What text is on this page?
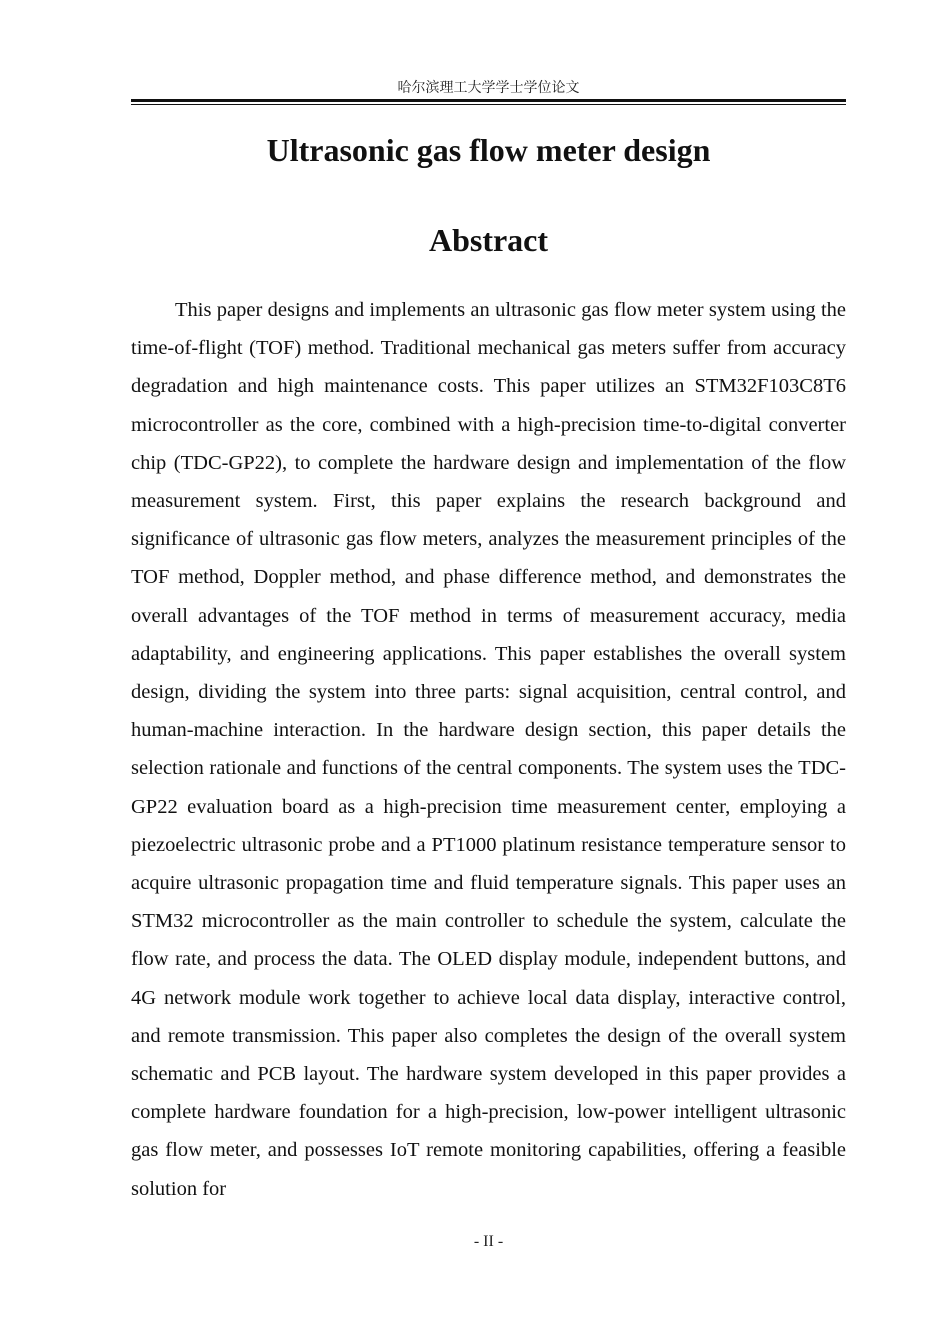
哈尔滨理工大学学士学位论文
Ultrasonic gas flow meter design
Abstract

This paper designs and implements an ultrasonic gas flow meter system using the time-of-flight (TOF) method. Traditional mechanical gas meters suffer from accuracy degradation and high maintenance costs. This paper utilizes an STM32F103C8T6 microcontroller as the core, combined with a high-precision time-to-digital converter chip (TDC-GP22), to complete the hardware design and implementation of the flow measurement system. First, this paper explains the research background and significance of ultrasonic gas flow meters, analyzes the measurement principles of the TOF method, Doppler method, and phase difference method, and demonstrates the overall advantages of the TOF method in terms of measurement accuracy, media adaptability, and engineering applications. This paper establishes the overall system design, dividing the system into three parts: signal acquisition, central control, and human-machine interaction. In the hardware design section, this paper details the selection rationale and functions of the central components. The system uses the TDC-GP22 evaluation board as a high-precision time measurement center, employing a piezoelectric ultrasonic probe and a PT1000 platinum resistance temperature sensor to acquire ultrasonic propagation time and fluid temperature signals. This paper uses an STM32 microcontroller as the main controller to schedule the system, calculate the flow rate, and process the data. The OLED display module, independent buttons, and 4G network module work together to achieve local data display, interactive control, and remote transmission. This paper also completes the design of the overall system schematic and PCB layout. The hardware system developed in this paper provides a complete hardware foundation for a high-precision, low-power intelligent ultrasonic gas flow meter, and possesses IoT remote monitoring capabilities, offering a feasible solution for

- II -
